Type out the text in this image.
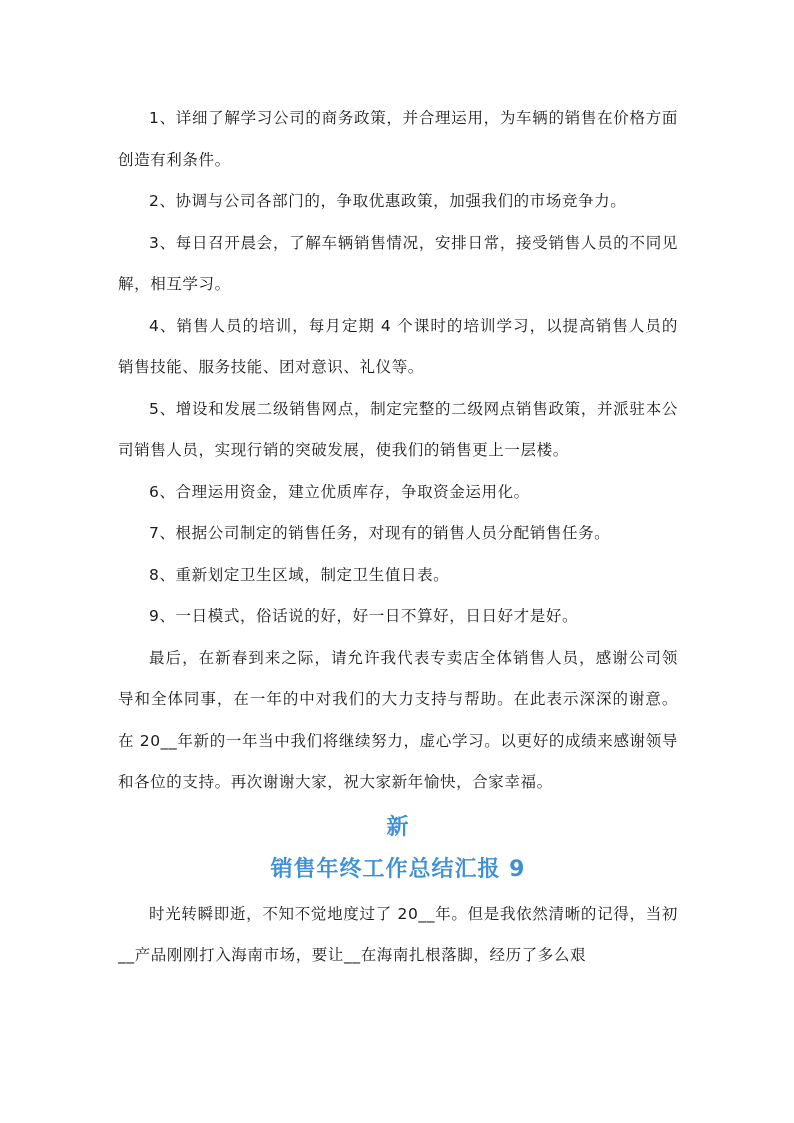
1、详细了解学习公司的商务政策，并合理运用，为车辆的销售在价格方面创造有利条件。

2、协调与公司各部门的，争取优惠政策，加强我们的市场竞争力。

3、每日召开晨会，了解车辆销售情况，安排日常，接受销售人员的不同见解，相互学习。

4、销售人员的培训，每月定期 4 个课时的培训学习，以提高销售人员的销售技能、服务技能、团对意识、礼仪等。

5、增设和发展二级销售网点，制定完整的二级网点销售政策，并派驻本公司销售人员，实现行销的突破发展，使我们的销售更上一层楼。

6、合理运用资金，建立优质库存，争取资金运用化。

7、根据公司制定的销售任务，对现有的销售人员分配销售任务。

8、重新划定卫生区域，制定卫生值日表。

9、一日模式，俗话说的好，好一日不算好，日日好才是好。

最后，在新春到来之际，请允许我代表专卖店全体销售人员，感谢公司领导和全体同事，在一年的中对我们的大力支持与帮助。在此表示深深的谢意。在 20__年新的一年当中我们将继续努力，虚心学习。以更好的成绩来感谢领导和各位的支持。再次谢谢大家，祝大家新年愉快，合家幸福。

新
销售年终工作总结汇报 9

时光转瞬即逝，不知不觉地度过了 20__年。但是我依然清晰的记得，当初__产品刚刚打入海南市场，要让__在海南扎根落脚，经历了多么艰
